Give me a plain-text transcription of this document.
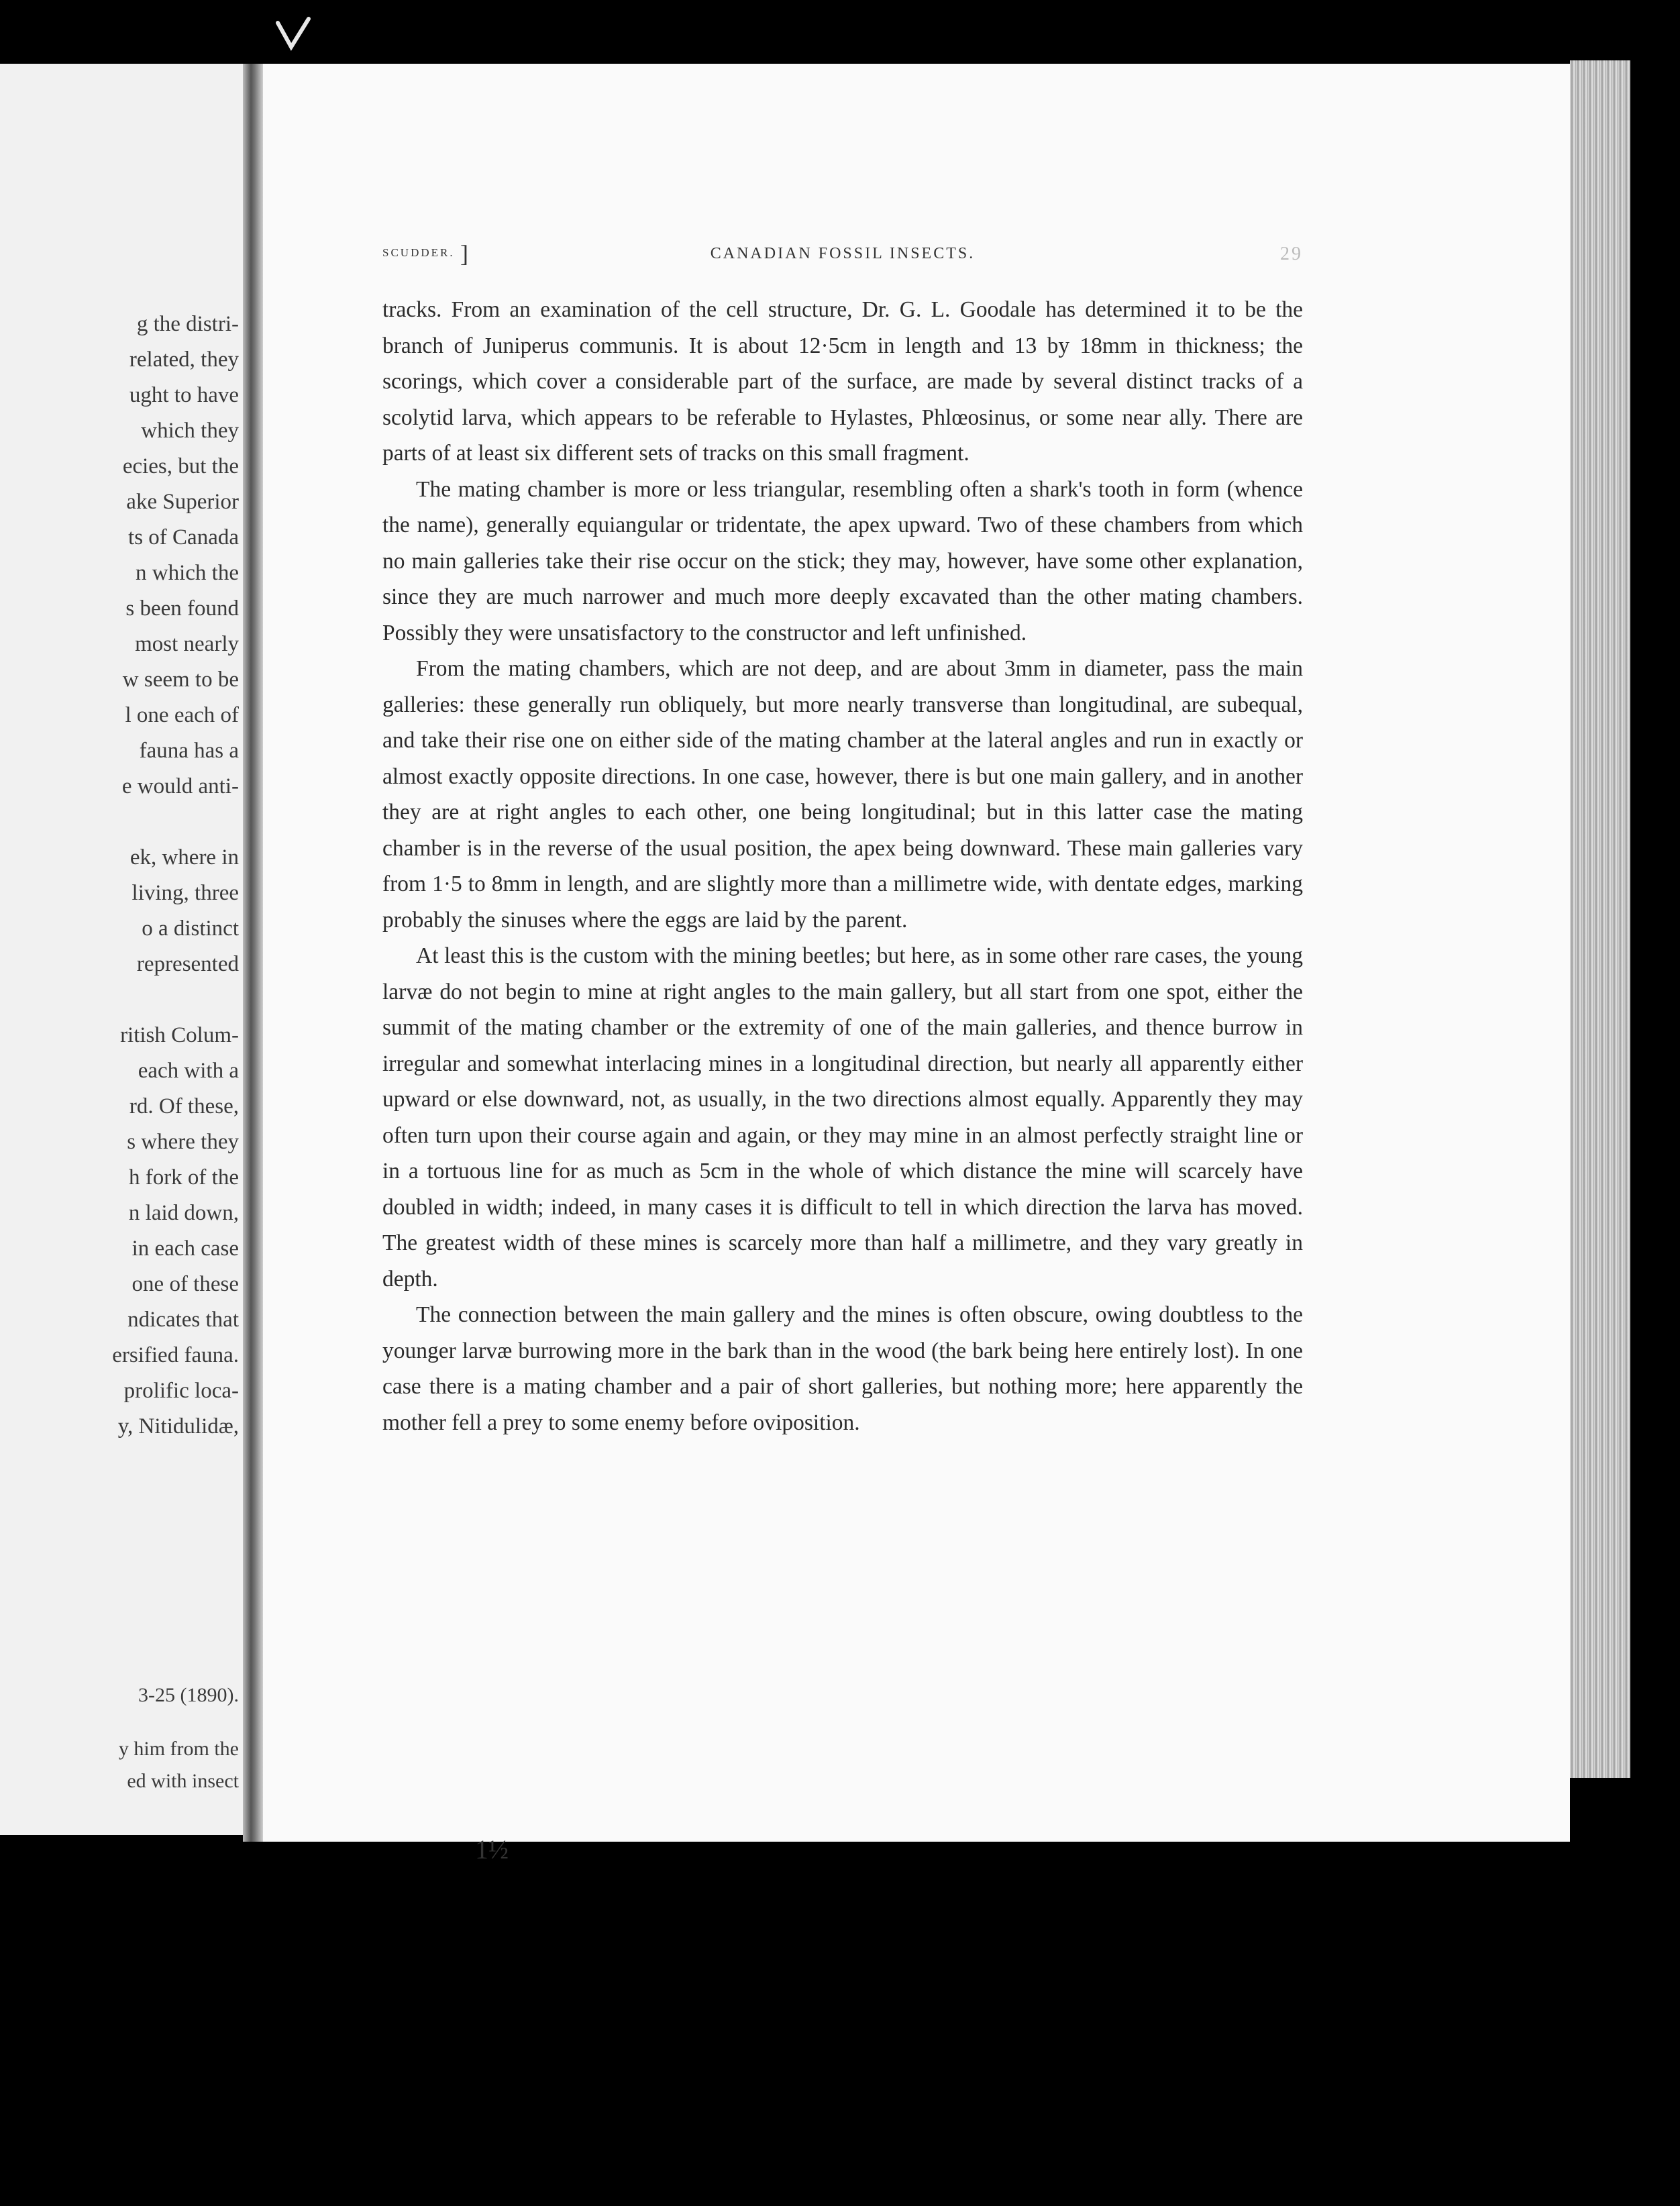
g the distri-
related, they
ught to have
which they
ecies, but the
ake Superior
ts of Canada
n which the
s been found
most nearly
w seem to be
l one each of
fauna has a
e would anti-
ek, where in
living, three
o a distinct
represented
ritish Colum-
each with a
rd. Of these,
s where they
h fork of the
n laid down,
in each case
one of these
ndicates that
ersified fauna.
prolific loca-
y, Nitidulidæ,
3-25 (1890).
y him from the
ed with insect
SCUDDER. ]	CANADIAN FOSSIL INSECTS.	29

tracks. From an examination of the cell structure, Dr. G. L. Goodale has determined it to be the branch of Juniperus communis. It is about 12·5cm in length and 13 by 18mm in thickness; the scorings, which cover a considerable part of the surface, are made by several distinct tracks of a scolytid larva, which appears to be referable to Hylastes, Phlœosinus, or some near ally. There are parts of at least six different sets of tracks on this small fragment.

The mating chamber is more or less triangular, resembling often a shark's tooth in form (whence the name), generally equiangular or tridentate, the apex upward. Two of these chambers from which no main galleries take their rise occur on the stick; they may, however, have some other explanation, since they are much narrower and much more deeply excavated than the other mating chambers. Possibly they were unsatisfactory to the constructor and left unfinished.

From the mating chambers, which are not deep, and are about 3mm in diameter, pass the main galleries: these generally run obliquely, but more nearly transverse than longitudinal, are subequal, and take their rise one on either side of the mating chamber at the lateral angles and run in exactly or almost exactly opposite directions. In one case, however, there is but one main gallery, and in another they are at right angles to each other, one being longitudinal; but in this latter case the mating chamber is in the reverse of the usual position, the apex being downward. These main galleries vary from 1·5 to 8mm in length, and are slightly more than a millimetre wide, with dentate edges, marking probably the sinuses where the eggs are laid by the parent.

At least this is the custom with the mining beetles; but here, as in some other rare cases, the young larvæ do not begin to mine at right angles to the main gallery, but all start from one spot, either the summit of the mating chamber or the extremity of one of the main galleries, and thence burrow in irregular and somewhat interlacing mines in a longitudinal direction, but nearly all apparently either upward or else downward, not, as usually, in the two directions almost equally. Apparently they may often turn upon their course again and again, or they may mine in an almost perfectly straight line or in a tortuous line for as much as 5cm in the whole of which distance the mine will scarcely have doubled in width; indeed, in many cases it is difficult to tell in which direction the larva has moved. The greatest width of these mines is scarcely more than half a millimetre, and they vary greatly in depth.

The connection between the main gallery and the mines is often obscure, owing doubtless to the younger larvæ burrowing more in the bark than in the wood (the bark being here entirely lost). In one case there is a mating chamber and a pair of short galleries, but nothing more; here apparently the mother fell a prey to some enemy before oviposition.

1½
